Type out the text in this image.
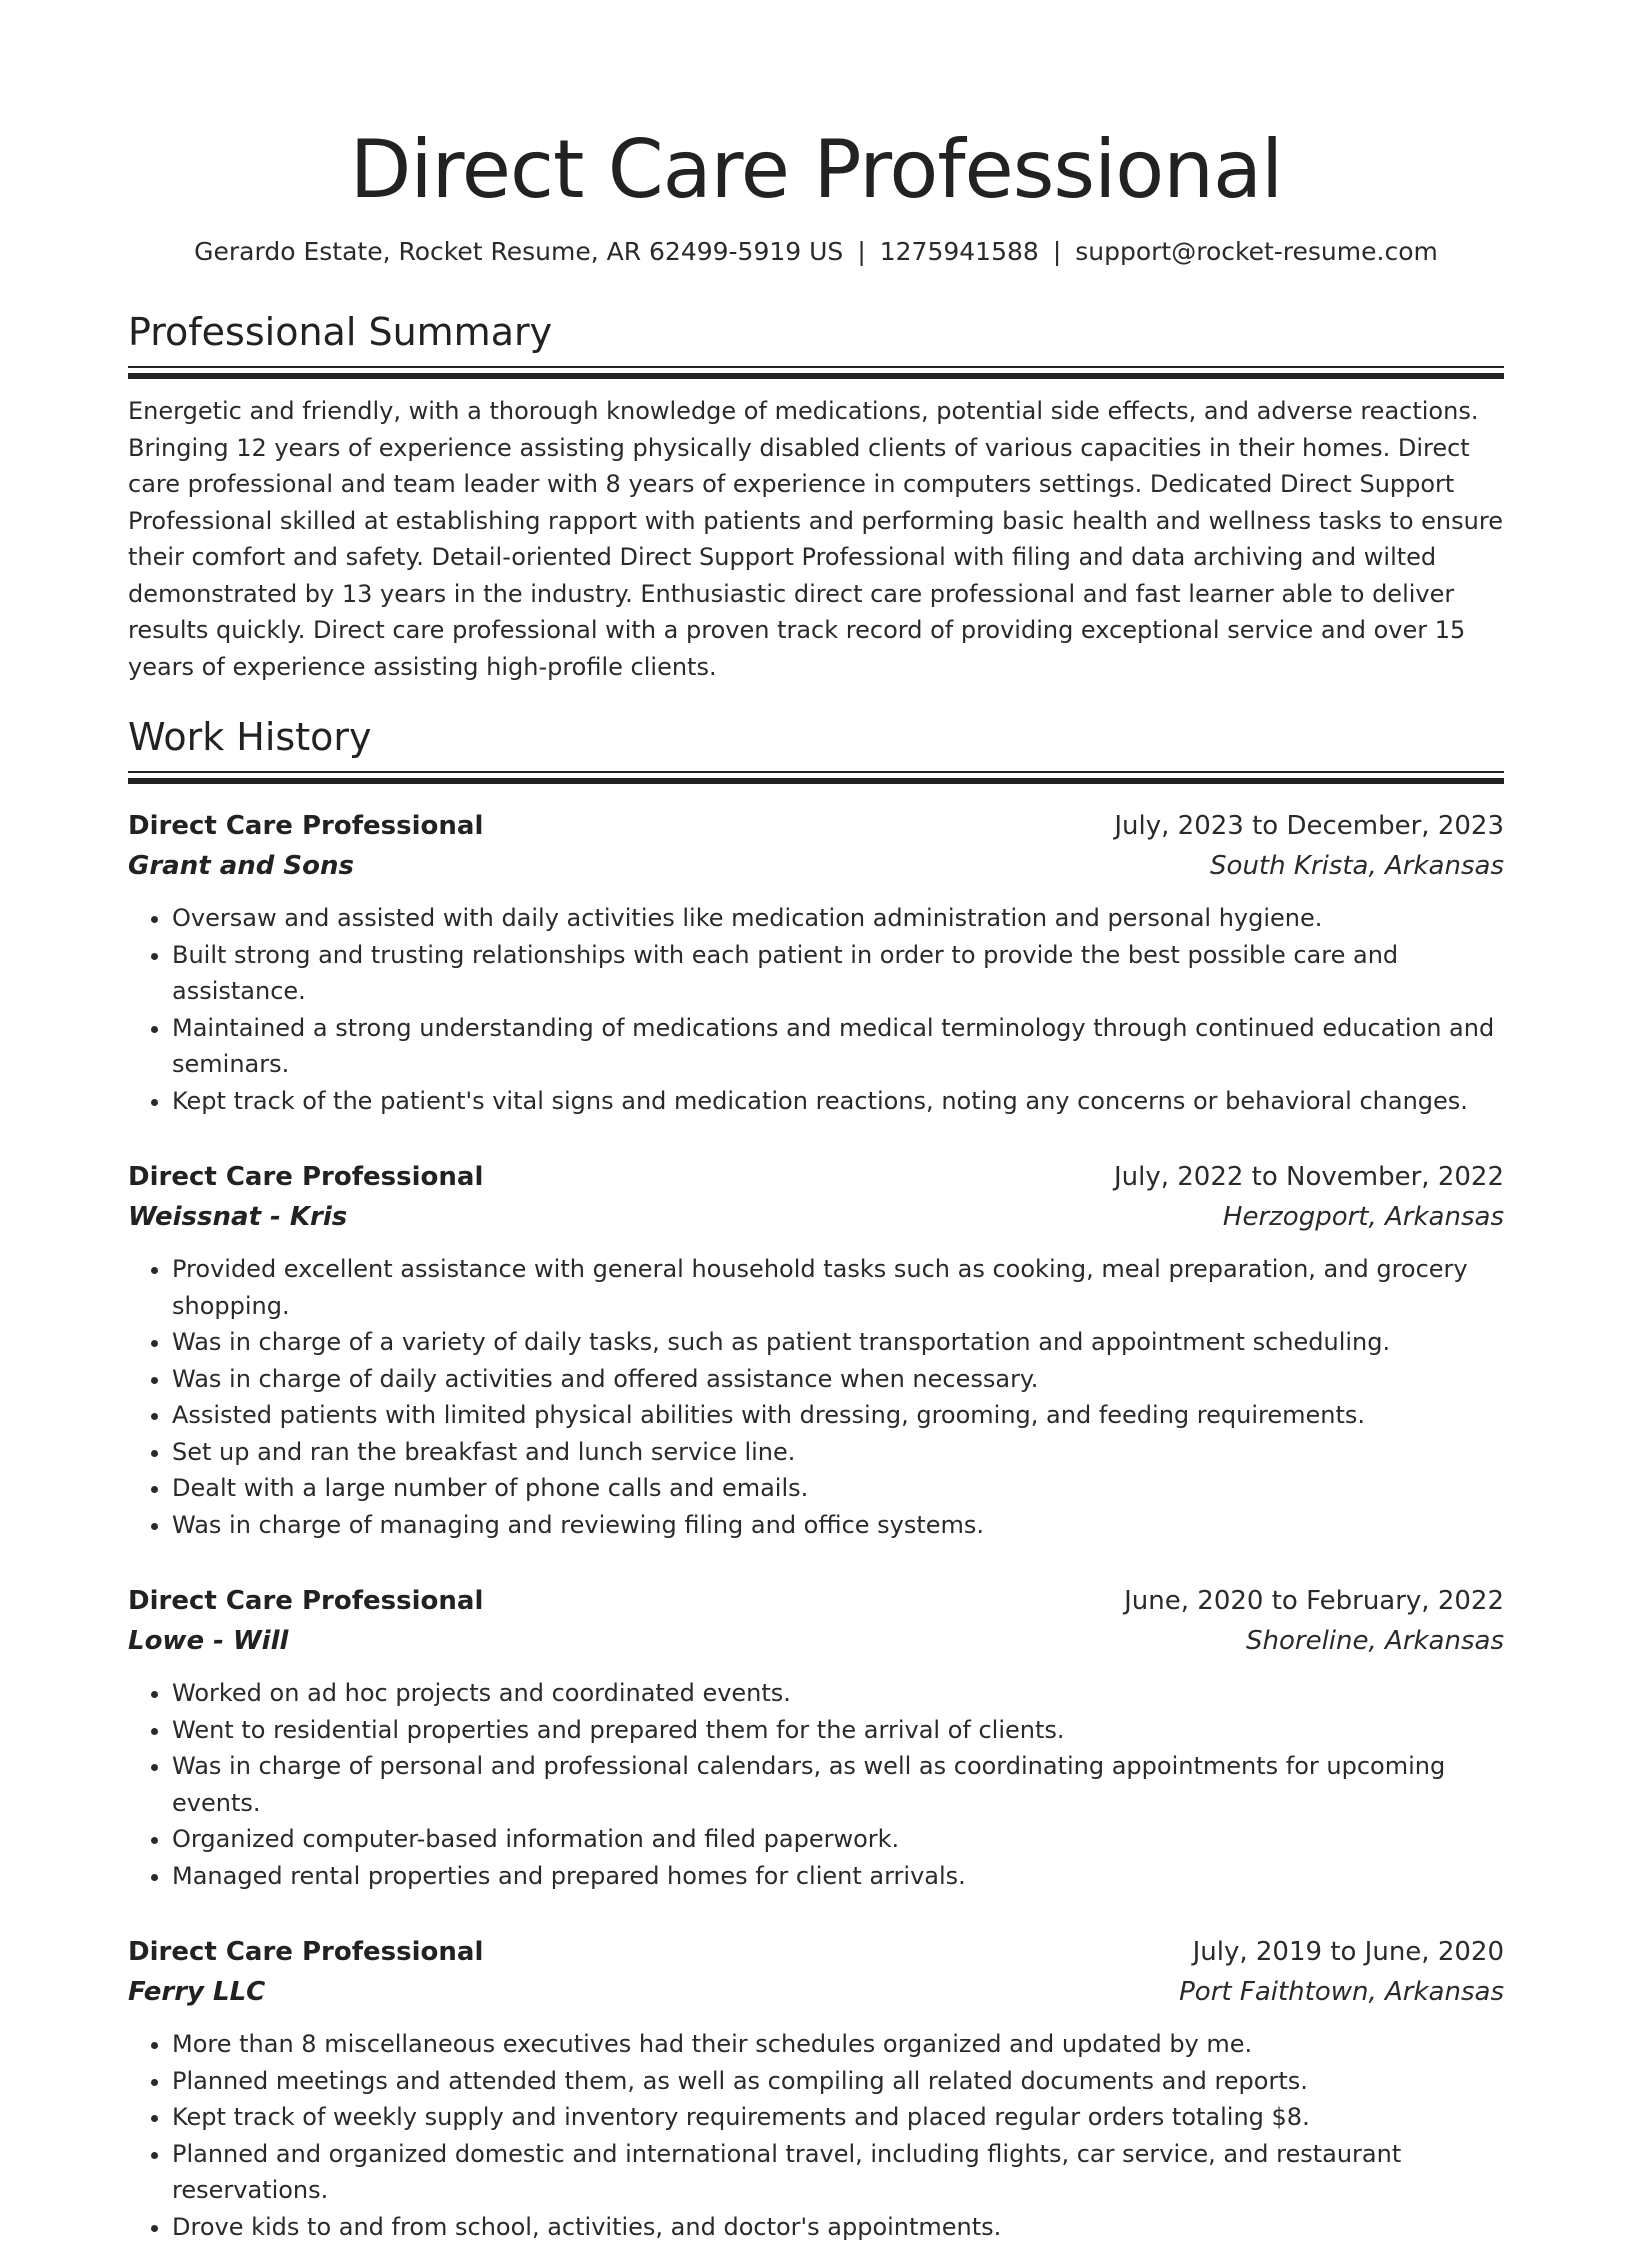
Direct Care Professional
Gerardo Estate, Rocket Resume, AR 62499-5919 US | 1275941588 | support@rocket-resume.com
Professional Summary

Energetic and friendly, with a thorough knowledge of medications, potential side effects, and adverse reactions. Bringing 12 years of experience assisting physically disabled clients of various capacities in their homes. Direct care professional and team leader with 8 years of experience in computers settings. Dedicated Direct Support Professional skilled at establishing rapport with patients and performing basic health and wellness tasks to ensure their comfort and safety. Detail-oriented Direct Support Professional with filing and data archiving and wilted demonstrated by 13 years in the industry. Enthusiastic direct care professional and fast learner able to deliver results quickly. Direct care professional with a proven track record of providing exceptional service and over 15 years of experience assisting high-profile clients.

Work History
Direct Care Professional	July, 2023 to December, 2023
Grant and Sons	South Krista, Arkansas
• Oversaw and assisted with daily activities like medication administration and personal hygiene.
• Built strong and trusting relationships with each patient in order to provide the best possible care and assistance.
• Maintained a strong understanding of medications and medical terminology through continued education and seminars.
• Kept track of the patient's vital signs and medication reactions, noting any concerns or behavioral changes.
Direct Care Professional	July, 2022 to November, 2022
Weissnat - Kris	Herzogport, Arkansas
• Provided excellent assistance with general household tasks such as cooking, meal preparation, and grocery shopping.
• Was in charge of a variety of daily tasks, such as patient transportation and appointment scheduling.
• Was in charge of daily activities and offered assistance when necessary.
• Assisted patients with limited physical abilities with dressing, grooming, and feeding requirements.
• Set up and ran the breakfast and lunch service line.
• Dealt with a large number of phone calls and emails.
• Was in charge of managing and reviewing filing and office systems.
Direct Care Professional	June, 2020 to February, 2022
Lowe - Will	Shoreline, Arkansas
• Worked on ad hoc projects and coordinated events.
• Went to residential properties and prepared them for the arrival of clients.
• Was in charge of personal and professional calendars, as well as coordinating appointments for upcoming events.
• Organized computer-based information and filed paperwork.
• Managed rental properties and prepared homes for client arrivals.
Direct Care Professional	July, 2019 to June, 2020
Ferry LLC	Port Faithtown, Arkansas
• More than 8 miscellaneous executives had their schedules organized and updated by me.
• Planned meetings and attended them, as well as compiling all related documents and reports.
• Kept track of weekly supply and inventory requirements and placed regular orders totaling $8.
• Planned and organized domestic and international travel, including flights, car service, and restaurant reservations.
• Drove kids to and from school, activities, and doctor's appointments.
